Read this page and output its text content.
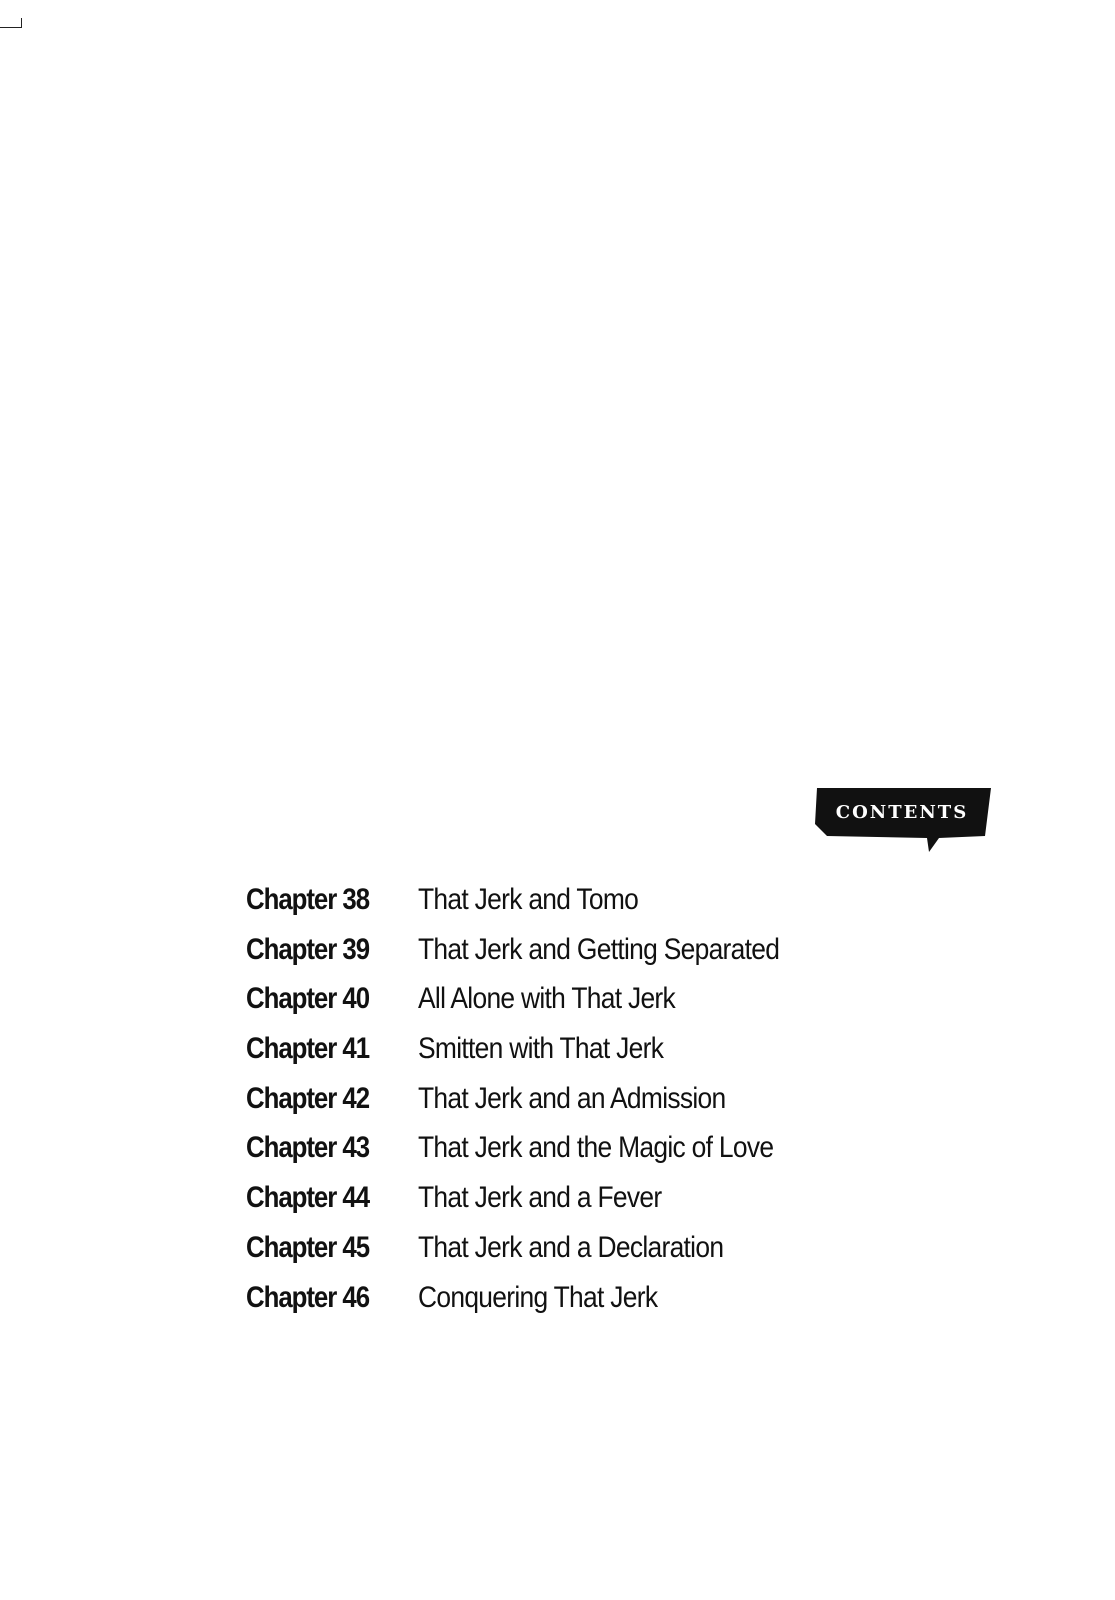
CONTENTS
Chapter 38	That Jerk and Tomo
Chapter 39	That Jerk and Getting Separated
Chapter 40	All Alone with That Jerk
Chapter 41	Smitten with That Jerk
Chapter 42	That Jerk and an Admission
Chapter 43	That Jerk and the Magic of Love
Chapter 44	That Jerk and a Fever
Chapter 45	That Jerk and a Declaration
Chapter 46	Conquering That Jerk
